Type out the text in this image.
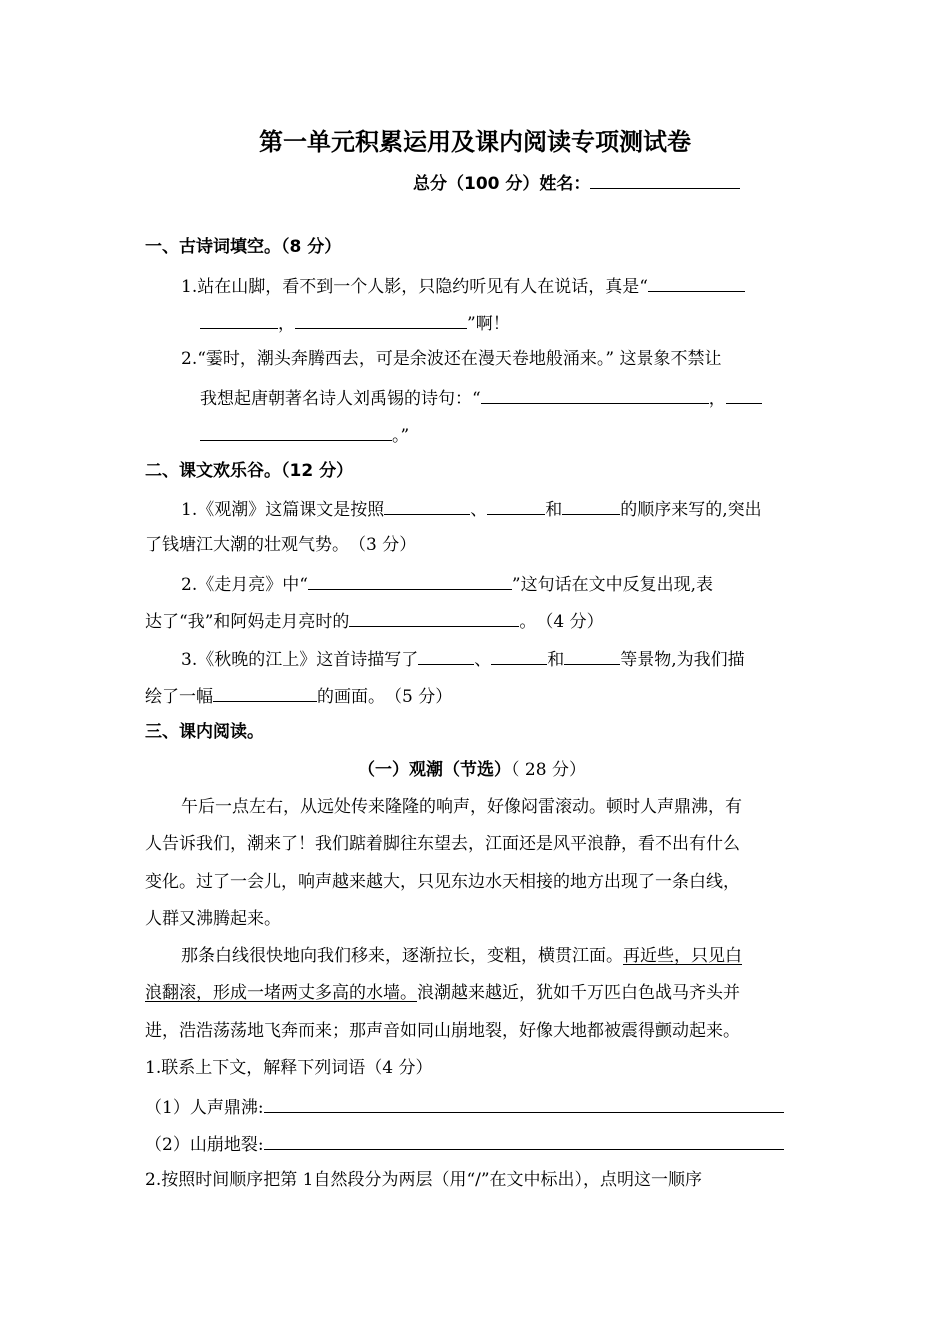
第一单元积累运用及课内阅读专项测试卷
总分（100 分）姓名：
一、古诗词填空。（8 分）
1.站在山脚，看不到一个人影，只隐约听见有人在说话，真是“
，	”啊！
2.“霎时，潮头奔腾西去，可是余波还在漫天卷地般涌来。” 这景象不禁让
我想起唐朝著名诗人刘禹锡的诗句：“	，
。”
二、课文欢乐谷。（12 分）
1.《观潮》这篇课文是按照	、	和	的顺序来写的,突出
了钱塘江大潮的壮观气势。　（3 分）
2.《走月亮》中“	”这句话在文中反复出现,表
达了“我”和阿妈走月亮时的	。　（4 分）
3.《秋晚的江上》这首诗描写了	、	和	等景物,为我们描
绘了一幅	的画面。　（5 分）
三、课内阅读。
（一）观潮（节选）（ 28 分）
午后一点左右，从远处传来隆隆的响声，好像闷雷滚动。顿时人声鼎沸，有
人告诉我们，潮来了！我们踮着脚往东望去，江面还是风平浪静，看不出有什么
变化。过了一会儿，响声越来越大，只见东边水天相接的地方出现了一条白线，
人群又沸腾起来。
那条白线很快地向我们移来，逐渐拉长，变粗，横贯江面。再近些，只见白
浪翻滚，形成一堵两丈多高的水墙。浪潮越来越近，犹如千万匹白色战马齐头并
进，浩浩荡荡地飞奔而来；那声音如同山崩地裂，好像大地都被震得颤动起来。
1.联系上下文，解释下列词语（4 分）
（1）人声鼎沸:
（2）山崩地裂:
2.按照时间顺序把第 1自然段分为两层（用“/”在文中标出），点明这一顺序
